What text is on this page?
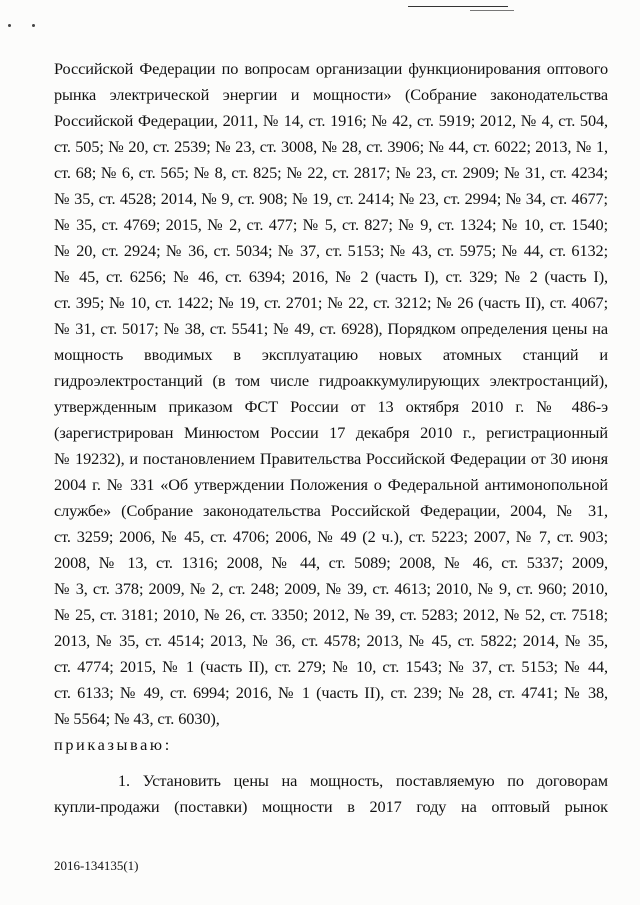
Российской Федерации по вопросам организации функционирования оптового
рынка электрической энергии и мощности» (Собрание законодательства
Российской Федерации, 2011, № 14, ст. 1916; № 42, ст. 5919; 2012, № 4, ст. 504,
ст. 505; № 20, ст. 2539; № 23, ст. 3008, № 28, ст. 3906; № 44, ст. 6022; 2013, № 1,
ст. 68; № 6, ст. 565; № 8, ст. 825; № 22, ст. 2817; № 23, ст. 2909; № 31, ст. 4234;
№ 35, ст. 4528; 2014, № 9, ст. 908; № 19, ст. 2414; № 23, ст. 2994; № 34, ст. 4677;
№ 35, ст. 4769; 2015, № 2, ст. 477; № 5, ст. 827; № 9, ст. 1324; № 10, ст. 1540;
№ 20, ст. 2924; № 36, ст. 5034; № 37, ст. 5153; № 43, ст. 5975; № 44, ст. 6132;
№ 45, ст. 6256; № 46, ст. 6394; 2016, № 2 (часть I), ст. 329; № 2 (часть I),
ст. 395; № 10, ст. 1422; № 19, ст. 2701; № 22, ст. 3212; № 26 (часть II), ст. 4067;
№ 31, ст. 5017; № 38, ст. 5541; № 49, ст. 6928), Порядком определения цены на
мощность вводимых в эксплуатацию новых атомных станций и
гидроэлектростанций (в том числе гидроаккумулирующих электростанций),
утвержденным приказом ФСТ России от 13 октября 2010 г. № 486-э
(зарегистрирован Минюстом России 17 декабря 2010 г., регистрационный
№ 19232), и постановлением Правительства Российской Федерации от 30 июня
2004 г. № 331 «Об утверждении Положения о Федеральной антимонопольной
службе» (Собрание законодательства Российской Федерации, 2004, № 31,
ст. 3259; 2006, № 45, ст. 4706; 2006, № 49 (2 ч.), ст. 5223; 2007, № 7, ст. 903;
2008, № 13, ст. 1316; 2008, № 44, ст. 5089; 2008, № 46, ст. 5337; 2009,
№ 3, ст. 378; 2009, № 2, ст. 248; 2009, № 39, ст. 4613; 2010, № 9, ст. 960; 2010,
№ 25, ст. 3181; 2010, № 26, ст. 3350; 2012, № 39, ст. 5283; 2012, № 52, ст. 7518;
2013, № 35, ст. 4514; 2013, № 36, ст. 4578; 2013, № 45, ст. 5822; 2014, № 35,
ст. 4774; 2015, № 1 (часть II), ст. 279; № 10, ст. 1543; № 37, ст. 5153; № 44,
ст. 6133; № 49, ст. 6994; 2016, № 1 (часть II), ст. 239; № 28, ст. 4741; № 38,
№ 5564; № 43, ст. 6030),
приказываю:
1. Установить цены на мощность, поставляемую по договорам
купли-продажи (поставки) мощности в 2017 году на оптовый рынок
2016-134135(1)
